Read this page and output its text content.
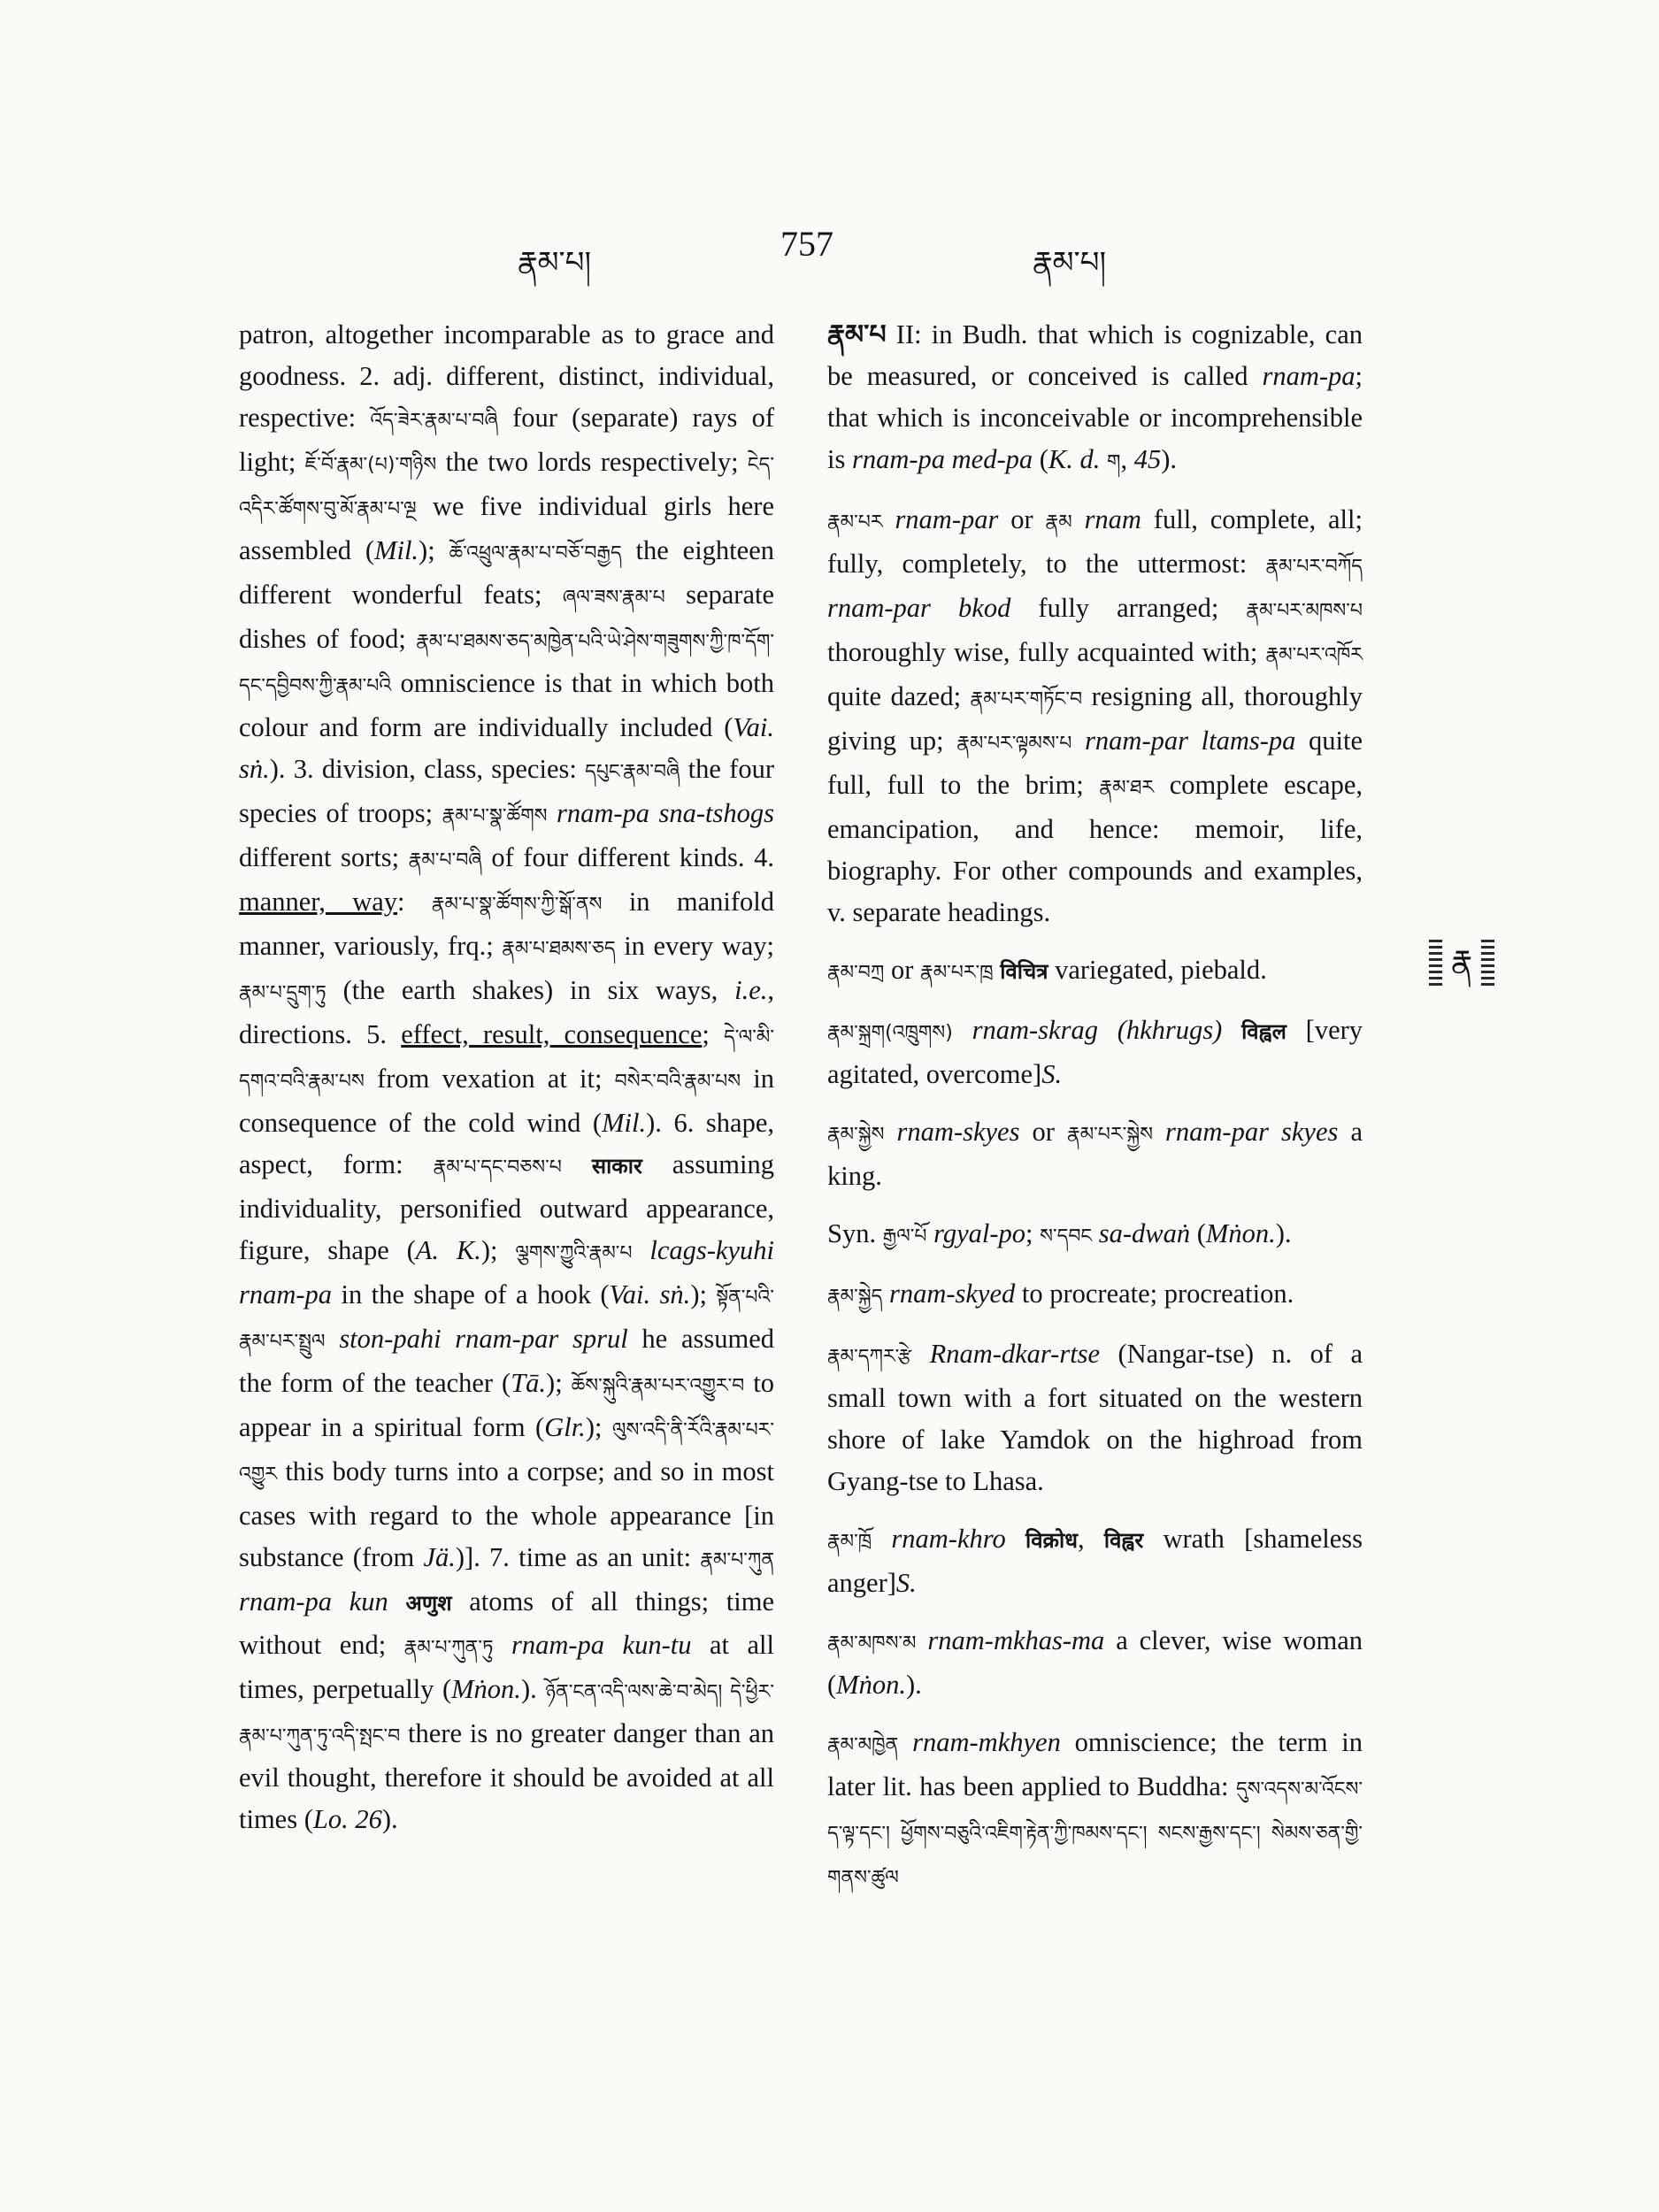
རྣམ་པ།	757	རྣམ་པ།

patron, altogether incomparable as to grace and goodness. 2. adj. different, distinct, individual, respective: འོད་ཟེར་རྣམ་པ་བཞི four (separate) rays of light; ཇོ་བོ་རྣམ་(པ)་གཉིས the two lords respectively; ངེད་འདིར་ཚོགས་བུ་མོ་རྣམ་པ་ལྔ we five individual girls here assembled (Mil.); ཆོ་འཕྲུལ་རྣམ་པ་བཅོ་བརྒྱད the eighteen different wonderful feats; ཞལ་ཟས་རྣམ་པ separate dishes of food; རྣམ་པ་ཐམས་ཅད་མཁྱེན་པའི་ཡེ་ཤེས་གཟུགས་ཀྱི་ཁ་དོག་དང་དབྱིབས་ཀྱི་རྣམ་པའི omniscience is that in which both colour and form are individually included (Vai. sṅ.). 3. division, class, species: དཔུང་རྣམ་བཞི the four species of troops; རྣམ་པ་སྣ་ཚོགས rnam-pa sna-tshogs different sorts; རྣམ་པ་བཞི of four different kinds. 4. manner, way: རྣམ་པ་སྣ་ཚོགས་ཀྱི་སྒོ་ནས in manifold manner, variously, frq.; རྣམ་པ་ཐམས་ཅད in every way; རྣམ་པ་དྲུག་ཏུ (the earth shakes) in six ways, i.e., directions. 5. effect, result, consequence; དེ་ལ་མི་དགའ་བའི་རྣམ་པས from vexation at it; བསེར་བའི་རྣམ་པས in consequence of the cold wind (Mil.). 6. shape, aspect, form: རྣམ་པ་དང་བཅས་པ साकार assuming individuality, personified outward appearance, figure, shape (A. K.); ལྕགས་ཀྱུའི་རྣམ་པ lcags-kyuhi rnam-pa in the shape of a hook (Vai. sṅ.); སྟོན་པའི་རྣམ་པར་སྤྲུལ ston-pahi rnam-par sprul he assumed the form of the teacher (Tā.); ཆོས་སྐུའི་རྣམ་པར་འགྱུར་བ to appear in a spiritual form (Glr.); ལུས་འདི་ནི་རོའི་རྣམ་པར་འགྱུར this body turns into a corpse; and so in most cases with regard to the whole appearance [in substance (from Jä.)]. 7. time as an unit: རྣམ་པ་ཀུན rnam-pa kun अणुश atoms of all things; time without end; རྣམ་པ་ཀུན་ཏུ rnam-pa kun-tu at all times, perpetually (Mṅon.). ཉོན་ངན་འདི་ལས་ཆེ་བ་མེད། དེ་ཕྱིར་རྣམ་པ་ཀུན་ཏུ་འདི་སྤང་བ there is no greater danger than an evil thought, therefore it should be avoided at all times (Lo. 26).

རྣམ་པ II: in Budh. that which is cognizable, can be measured, or conceived is called rnam-pa; that which is inconceivable or incomprehensible is rnam-pa med-pa (K. d. ག, 45).

རྣམ་པར rnam-par or རྣམ rnam full, complete, all; fully, completely, to the uttermost: རྣམ་པར་བཀོད rnam-par bkod fully arranged; རྣམ་པར་མཁས་པ thoroughly wise, fully acquainted with; རྣམ་པར་འཁོར quite dazed; རྣམ་པར་གཏོང་བ resigning all, thoroughly giving up; རྣམ་པར་ལྟམས་པ rnam-par ltams-pa quite full, full to the brim; རྣམ་ཐར complete escape, emancipation, and hence: memoir, life, biography. For other compounds and examples, v. separate headings.

རྣམ་བཀྲ or རྣམ་པར་ཁྲ विचित्र variegated, piebald.

རྣམ་སྐྲག(འཁྲུགས) rnam-skrag (hkhrugs) विह्वल [very agitated, overcome]S.

རྣམ་སྐྱེས rnam-skyes or རྣམ་པར་སྐྱེས rnam-par skyes a king.

Syn. རྒྱལ་པོ rgyal-po; ས་དབང sa-dwaṅ (Mṅon.).

རྣམ་སྐྱེད rnam-skyed to procreate; procreation.

རྣམ་དཀར་རྩེ Rnam-dkar-rtse (Nangar-tse) n. of a small town with a fort situated on the western shore of lake Yamdok on the highroad from Gyang-tse to Lhasa.

རྣམ་ཁྲོ rnam-khro विक्रोध, विह्वर wrath [shameless anger]S.

རྣམ་མཁས་མ rnam-mkhas-ma a clever, wise woman (Mṅon.).

རྣམ་མཁྱེན rnam-mkhyen omniscience; the term in later lit. has been applied to Buddha: དུས་འདས་མ་འོངས་ད་ལྟ་དང་། ཕྱོགས་བཅུའི་འཇིག་རྟེན་ཀྱི་ཁམས་དང་། སངས་རྒྱས་དང་། སེམས་ཅན་གྱི་གནས་ཚུལ

རྣ
